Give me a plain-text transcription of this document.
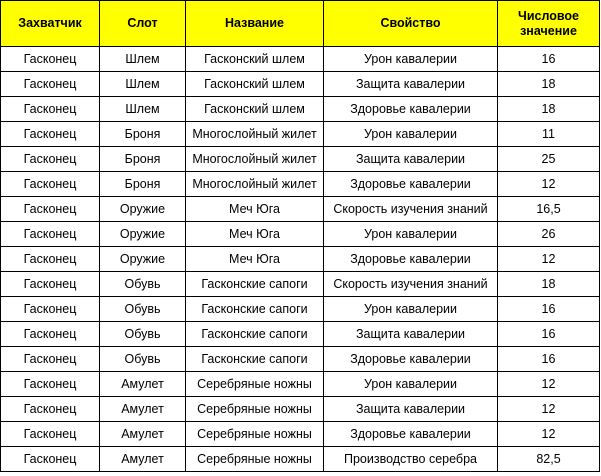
Захватчик	Слот	Название	Свойство	Числовое значение
Гасконец	Шлем	Гасконский шлем	Урон кавалерии	16
Гасконец	Шлем	Гасконский шлем	Защита кавалерии	18
Гасконец	Шлем	Гасконский шлем	Здоровье кавалерии	18
Гасконец	Броня	Многослойный жилет	Урон кавалерии	11
Гасконец	Броня	Многослойный жилет	Защита кавалерии	25
Гасконец	Броня	Многослойный жилет	Здоровье кавалерии	12
Гасконец	Оружие	Меч Юга	Скорость изучения знаний	16,5
Гасконец	Оружие	Меч Юга	Урон кавалерии	26
Гасконец	Оружие	Меч Юга	Здоровье кавалерии	12
Гасконец	Обувь	Гасконские сапоги	Скорость изучения знаний	18
Гасконец	Обувь	Гасконские сапоги	Урон кавалерии	16
Гасконец	Обувь	Гасконские сапоги	Защита кавалерии	16
Гасконец	Обувь	Гасконские сапоги	Здоровье кавалерии	16
Гасконец	Амулет	Серебряные ножны	Урон кавалерии	12
Гасконец	Амулет	Серебряные ножны	Защита кавалерии	12
Гасконец	Амулет	Серебряные ножны	Здоровье кавалерии	12
Гасконец	Амулет	Серебряные ножны	Производство серебра	82,5
